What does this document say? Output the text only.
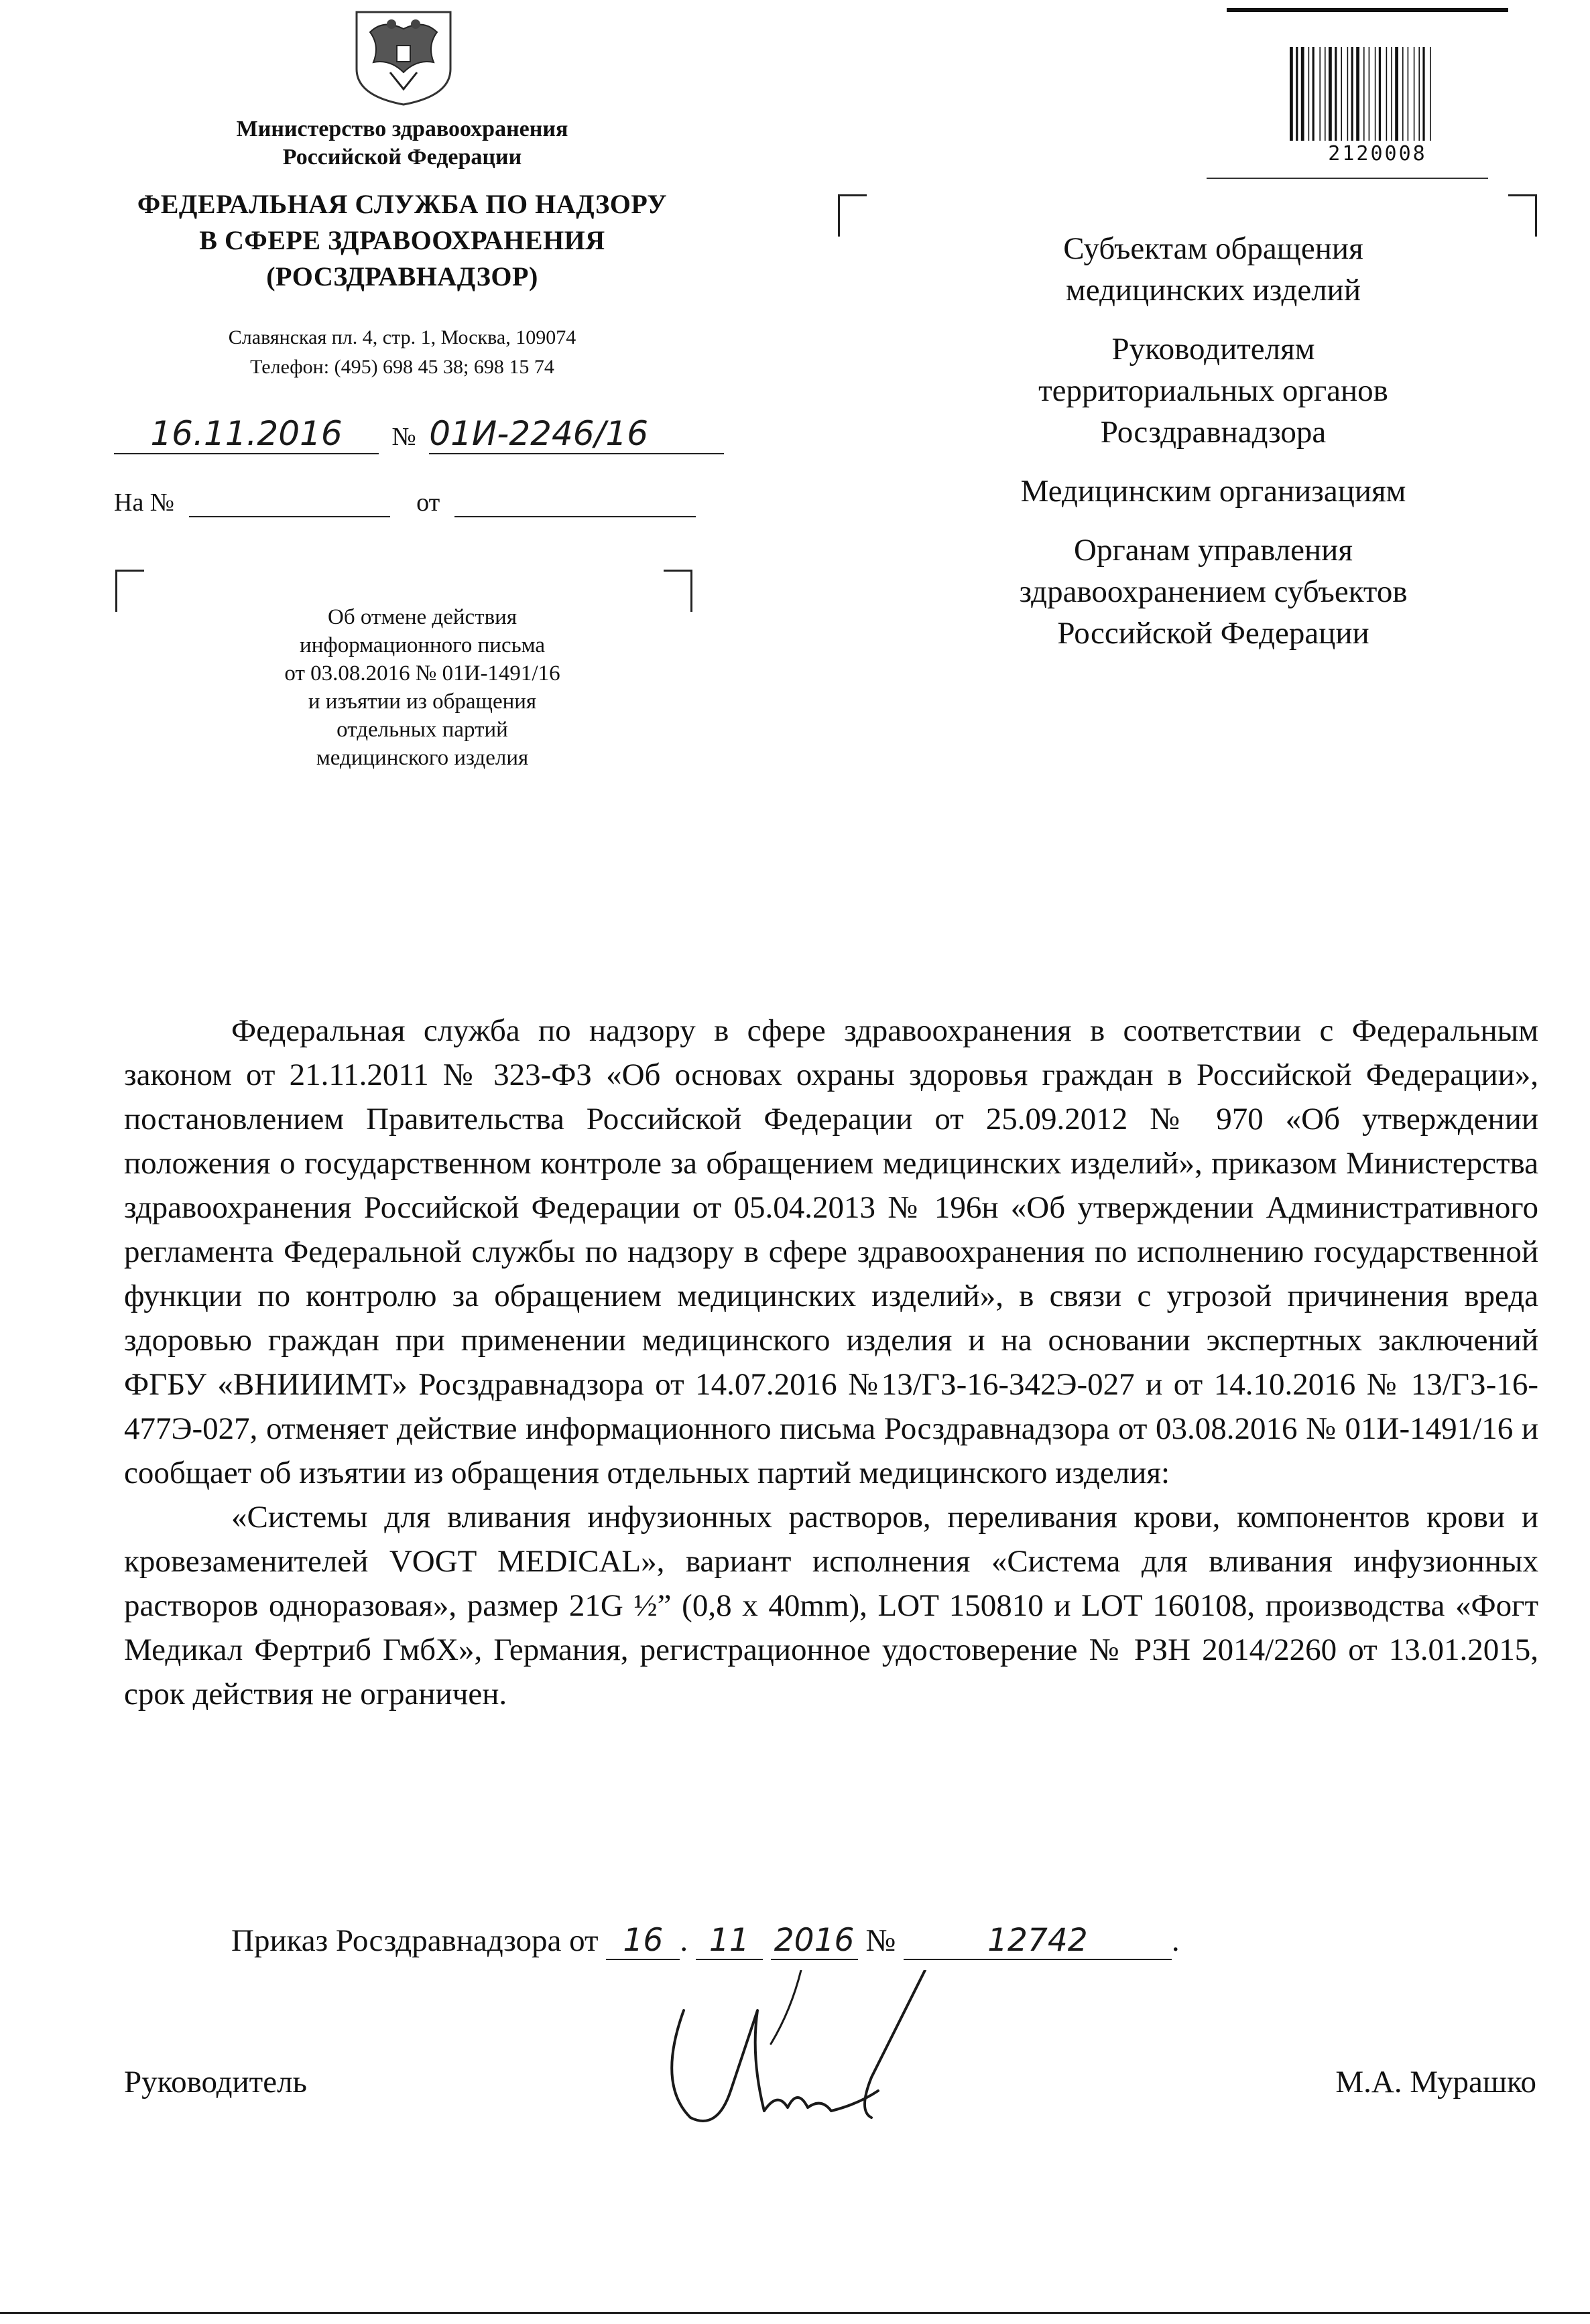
Министерство здравоохранения
Российской Федерации
ФЕДЕРАЛЬНАЯ СЛУЖБА ПО НАДЗОРУ
В СФЕРЕ ЗДРАВООХРАНЕНИЯ
(РОСЗДРАВНАДЗОР)
Славянская пл. 4, стр. 1, Москва, 109074
Телефон: (495) 698 45 38; 698 15 74
16.11.2016 № 01И-2246/16
На №	от
Об отмене действия
информационного письма
от 03.08.2016 № 01И-1491/16
и изъятии из обращения
отдельных партий
медицинского изделия
2120008
Субъектам обращения
медицинских изделий
Руководителям
территориальных органов
Росздравнадзора
Медицинским организациям
Органам управления
здравоохранением субъектов
Российской Федерации

Федеральная служба по надзору в сфере здравоохранения в соответствии с Федеральным законом от 21.11.2011 № 323-ФЗ «Об основах охраны здоровья граждан в Российской Федерации», постановлением Правительства Российской Федерации от 25.09.2012 № 970 «Об утверждении положения о государственном контроле за обращением медицинских изделий», приказом Министерства здравоохранения Российской Федерации от 05.04.2013 № 196н «Об утверждении Административного регламента Федеральной службы по надзору в сфере здравоохранения по исполнению государственной функции по контролю за обращением медицинских изделий», в связи с угрозой причинения вреда здоровью граждан при применении медицинского изделия и на основании экспертных заключений ФГБУ «ВНИИИМТ» Росздравнадзора от 14.07.2016 №13/ГЗ-16-342Э-027 и от 14.10.2016 № 13/ГЗ-16-477Э-027, отменяет действие информационного письма Росздравнадзора от 03.08.2016 № 01И-1491/16 и сообщает об изъятии из обращения отдельных партий медицинского изделия:

«Системы для вливания инфузионных растворов, переливания крови, компонентов крови и кровезаменителей VOGT MEDICAL», вариант исполнения «Система для вливания инфузионных растворов одноразовая», размер 21G ½” (0,8 x 40mm), LOT 150810 и LOT 160108, производства «Фогт Медикал Фертриб ГмбХ», Германия, регистрационное удостоверение № РЗН 2014/2260 от 13.01.2015, срок действия не ограничен.

Приказ Росздравнадзора от 16 . 11 2016 №	12742	.
Руководитель	М.А. Мурашко
